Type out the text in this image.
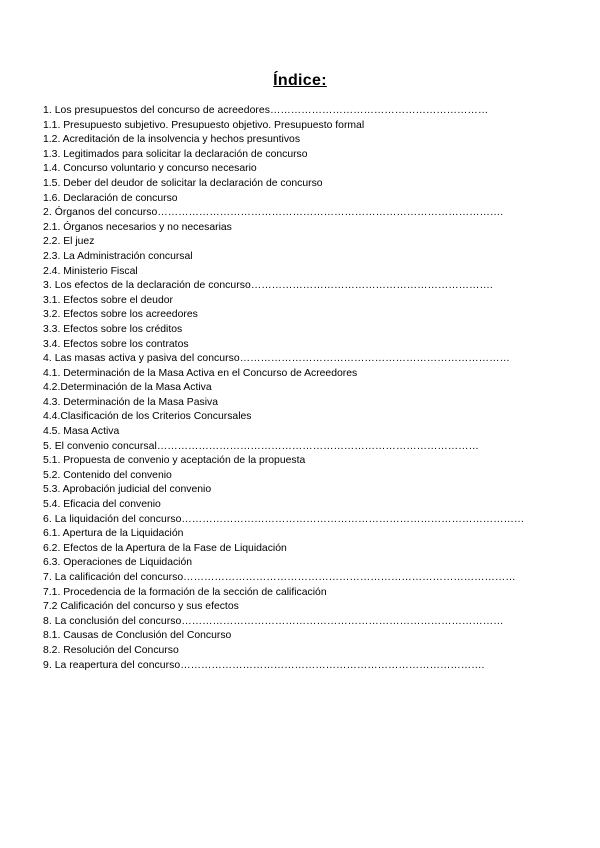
Índice:
1. Los presupuestos del concurso de acreedores………………………………………………………
1.1. Presupuesto subjetivo. Presupuesto objetivo. Presupuesto formal
1.2. Acreditación de la insolvencia y hechos presuntivos
1.3. Legitimados para solicitar la declaración de concurso
1.4. Concurso voluntario y concurso necesario
1.5. Deber del deudor de solicitar la declaración de concurso
1.6. Declaración de concurso
2. Órganos del concurso……………………………………………………………………………………….
2.1. Órganos necesarios y no necesarias
2.2. El juez
2.3. La Administración concursal
2.4. Ministerio Fiscal
3. Los efectos de la declaración de concurso…………………………………………………………….
3.1. Efectos sobre el deudor
3.2. Efectos sobre los acreedores
3.3. Efectos sobre los créditos
3.4. Efectos sobre los contratos
4. Las masas activa y pasiva del concurso……………………………………………………………………
4.1. Determinación de la Masa Activa en el Concurso de Acreedores
4.2.Determinación de la Masa Activa
4.3. Determinación de la Masa Pasiva
4.4.Clasificación de los Criterios Concursales
4.5. Masa Activa
5. El convenio concursal…………………………………………………………………………………
5.1. Propuesta de convenio y aceptación de la propuesta
5.2. Contenido del convenio
5.3. Aprobación judicial del convenio
5.4. Eficacia del convenio
6. La liquidación del concurso………………………………………………………………………………………
6.1. Apertura de la Liquidación
6.2. Efectos de la Apertura de la Fase de Liquidación
6.3. Operaciones de Liquidación
7. La calificación del concurso……………………………………………………………………………………
7.1. Procedencia de la formación de la sección de calificación
7.2 Calificación del concurso y sus efectos
8. La conclusión del concurso…………………………………………………………………………………
8.1. Causas de Conclusión del Concurso
8.2. Resolución del Concurso
9. La reapertura del concurso…………………………………………………………………………….
